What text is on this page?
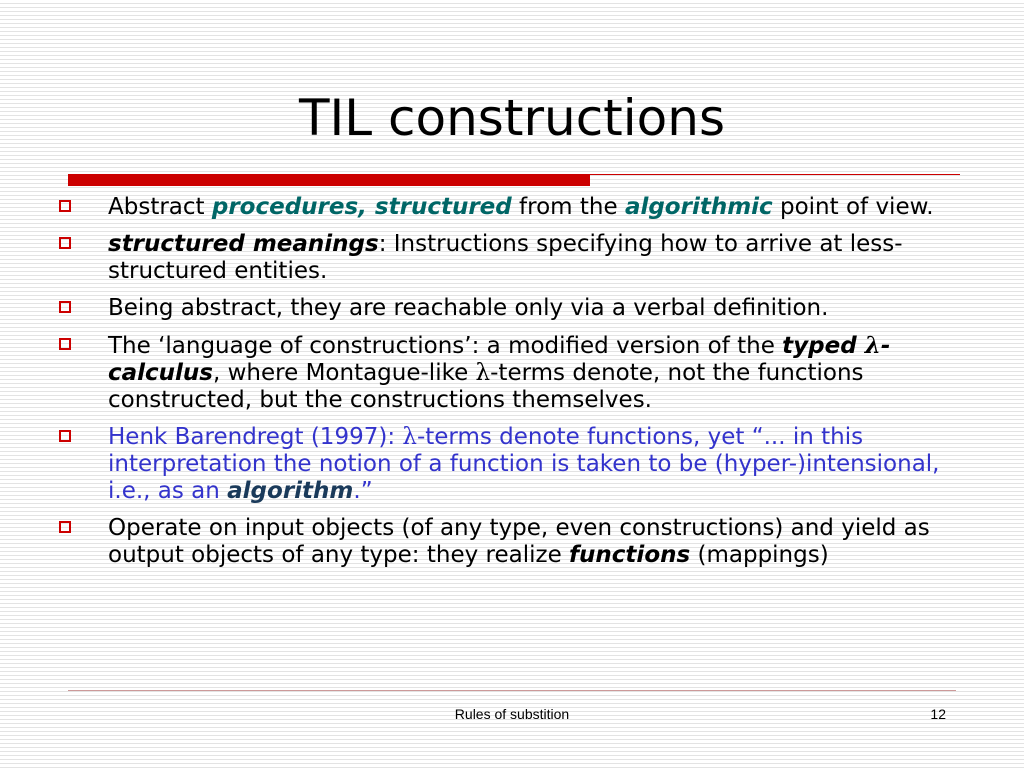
TIL constructions
Abstract procedures, structured from the algorithmic point of view.
structured meanings: Instructions specifying how to arrive at less-structured entities.
Being abstract, they are reachable only via a verbal definition.
The ‘language of constructions’: a modified version of the typed λ-calculus, where Montague-like λ-terms denote, not the functions constructed, but the constructions themselves.
Henk Barendregt (1997): λ-terms denote functions, yet “... in this interpretation the notion of a function is taken to be (hyper-)intensional, i.e., as an algorithm.”
Operate on input objects (of any type, even constructions) and yield as output objects of any type: they realize functions (mappings)
Rules of substition	12
